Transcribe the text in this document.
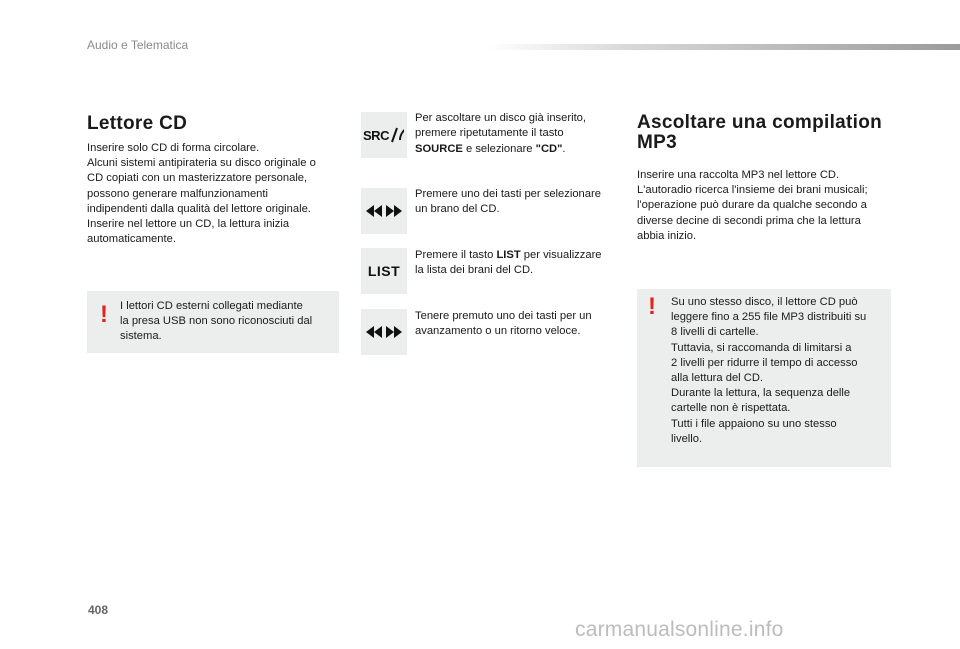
Audio e Telematica
Lettore CD
Inserire solo CD di forma circolare.
Alcuni sistemi antipirateria su disco originale o
CD copiati con un masterizzatore personale,
possono generare malfunzionamenti
indipendenti dalla qualità del lettore originale.
Inserire nel lettore un CD, la lettura inizia
automaticamente.
! I lettori CD esterni collegati mediante
la presa USB non sono riconosciuti dal
sistema.
SRC
Per ascoltare un disco già inserito,
premere ripetutamente il tasto
SOURCE e selezionare "CD".
Premere uno dei tasti per selezionare
un brano del CD.
LIST
Premere il tasto LIST per visualizzare
la lista dei brani del CD.
Tenere premuto uno dei tasti per un
avanzamento o un ritorno veloce.
Ascoltare una compilation
MP3
Inserire una raccolta MP3 nel lettore CD.
L'autoradio ricerca l'insieme dei brani musicali;
l'operazione può durare da qualche secondo a
diverse decine di secondi prima che la lettura
abbia inizio.
! Su uno stesso disco, il lettore CD può
leggere fino a 255 file MP3 distribuiti su
8 livelli di cartelle.
Tuttavia, si raccomanda di limitarsi a
2 livelli per ridurre il tempo di accesso
alla lettura del CD.
Durante la lettura, la sequenza delle
cartelle non è rispettata.
Tutti i file appaiono su uno stesso
livello.
408
carmanualsonline.info
